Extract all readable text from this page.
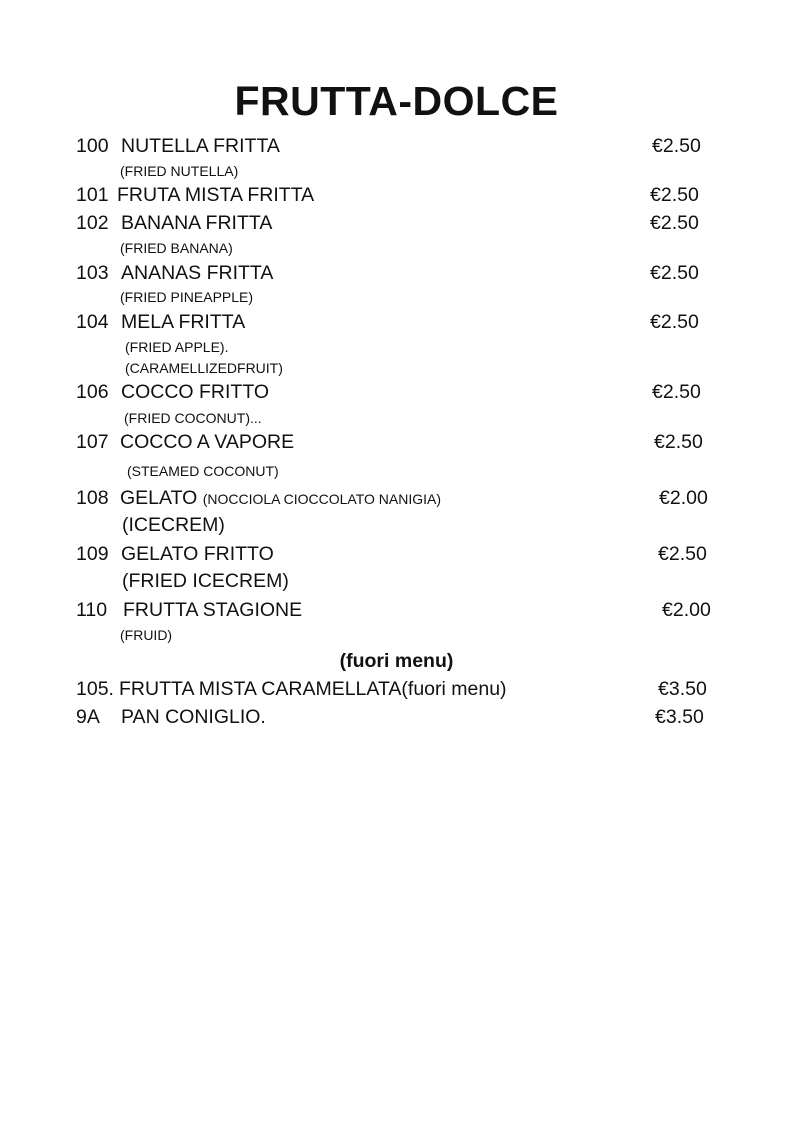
FRUTTA-DOLCE
100 NUTELLA FRITTA	€2.50
(FRIED NUTELLA)
101 FRUTA MISTA FRITTA	€2.50
102 BANANA FRITTA	€2.50
(FRIED BANANA)
103 ANANAS FRITTA	€2.50
(FRIED PINEAPPLE)
104 MELA FRITTA	€2.50
(FRIED APPLE).
(CARAMELLIZEDFRUIT)
106 COCCO FRITTO	€2.50
(FRIED COCONUT)...
107 COCCO A VAPORE	€2.50
(STEAMED COCONUT)
108 GELATO (NOCCIOLA CIOCCOLATO NANIGIA)	€2.00
(ICECREM)
109 GELATO FRITTO	€2.50
(FRIED ICECREM)
110 FRUTTA STAGIONE	€2.00
(FRUID)
(fuori menu)
105. FRUTTA MISTA CARAMELLATA(fuori menu)	€3.50
9A PAN CONIGLIO.	€3.50
